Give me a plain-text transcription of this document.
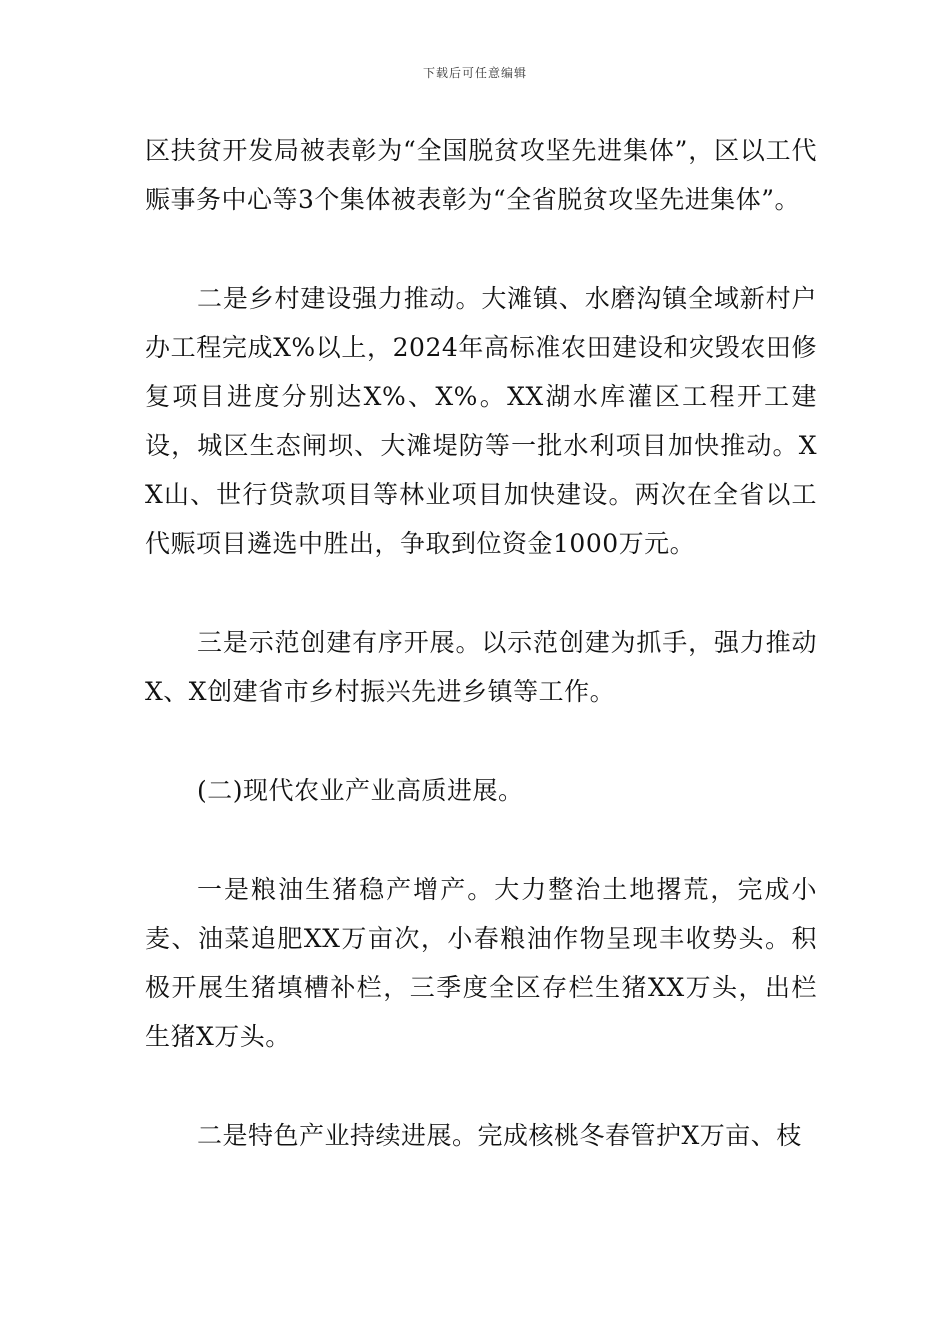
下载后可任意编辑

区扶贫开发局被表彰为“全国脱贫攻坚先进集体”，区以工代赈事务中心等3个集体被表彰为“全省脱贫攻坚先进集体”。

二是乡村建设强力推动。大滩镇、水磨沟镇全域新村户办工程完成X%以上，2024年高标准农田建设和灾毁农田修复项目进度分别达X%、X%。XX湖水库灌区工程开工建设，城区生态闸坝、大滩堤防等一批水利项目加快推动。XX山、世行贷款项目等林业项目加快建设。两次在全省以工代赈项目遴选中胜出，争取到位资金1000万元。

三是示范创建有序开展。以示范创建为抓手，强力推动X、X创建省市乡村振兴先进乡镇等工作。

(二)现代农业产业高质进展。

一是粮油生猪稳产增产。大力整治土地撂荒，完成小麦、油菜追肥XX万亩次，小春粮油作物呈现丰收势头。积极开展生猪填槽补栏，三季度全区存栏生猪XX万头，出栏生猪X万头。

二是特色产业持续进展。完成核桃冬春管护X万亩、枝
